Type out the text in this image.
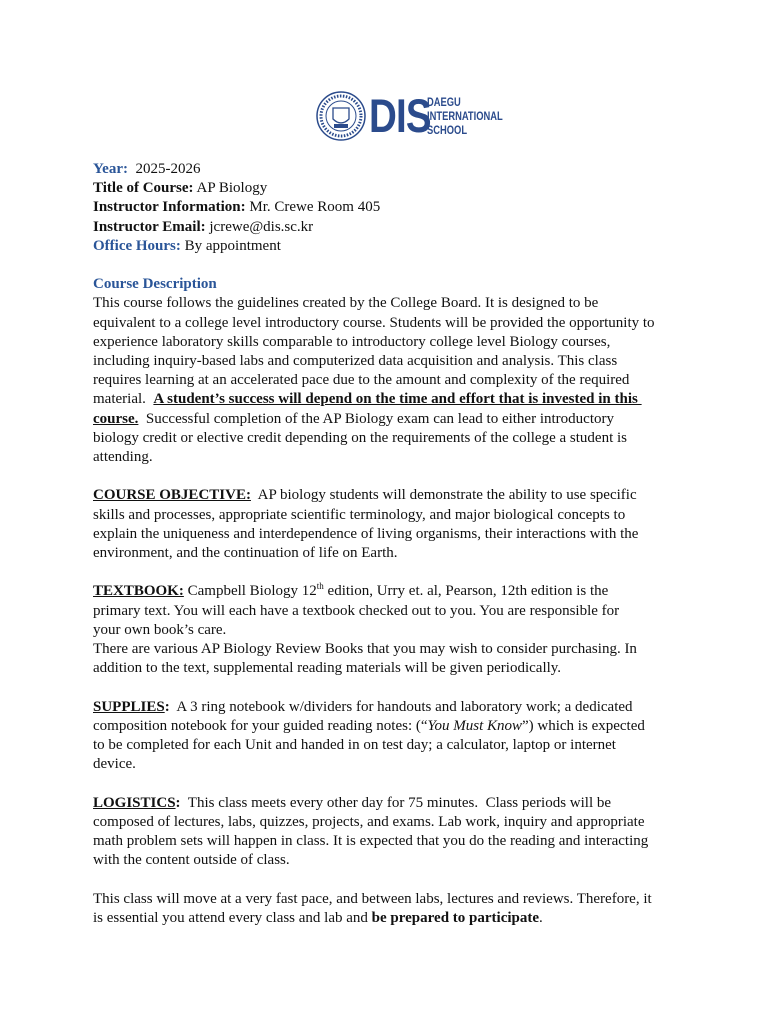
DIS
DAEGU
INTERNATIONAL
SCHOOL
Year: 2025-2026
Title of Course: AP Biology
Instructor Information: Mr. Crewe Room 405
Instructor Email: jcrewe@dis.sc.kr
Office Hours: By appointment
Course Description
This course follows the guidelines created by the College Board. It is designed to be
equivalent to a college level introductory course. Students will be provided the opportunity to
experience laboratory skills comparable to introductory college level Biology courses,
including inquiry-based labs and computerized data acquisition and analysis. This class
requires learning at an accelerated pace due to the amount and complexity of the required
material.  A student’s success will depend on the time and effort that is invested in this
course.  Successful completion of the AP Biology exam can lead to either introductory
biology credit or elective credit depending on the requirements of the college a student is
attending.
COURSE OBJECTIVE:  AP biology students will demonstrate the ability to use specific
skills and processes, appropriate scientific terminology, and major biological concepts to
explain the uniqueness and interdependence of living organisms, their interactions with the
environment, and the continuation of life on Earth.
TEXTBOOK: Campbell Biology 12th edition, Urry et. al, Pearson, 12th edition is the
primary text. You will each have a textbook checked out to you. You are responsible for
your own book’s care.
There are various AP Biology Review Books that you may wish to consider purchasing. In
addition to the text, supplemental reading materials will be given periodically.
SUPPLIES:  A 3 ring notebook w/dividers for handouts and laboratory work; a dedicated
composition notebook for your guided reading notes: (“You Must Know”) which is expected
to be completed for each Unit and handed in on test day; a calculator, laptop or internet
device.
LOGISTICS:  This class meets every other day for 75 minutes.  Class periods will be
composed of lectures, labs, quizzes, projects, and exams. Lab work, inquiry and appropriate
math problem sets will happen in class. It is expected that you do the reading and interacting
with the content outside of class.
This class will move at a very fast pace, and between labs, lectures and reviews. Therefore, it
is essential you attend every class and lab and be prepared to participate.
